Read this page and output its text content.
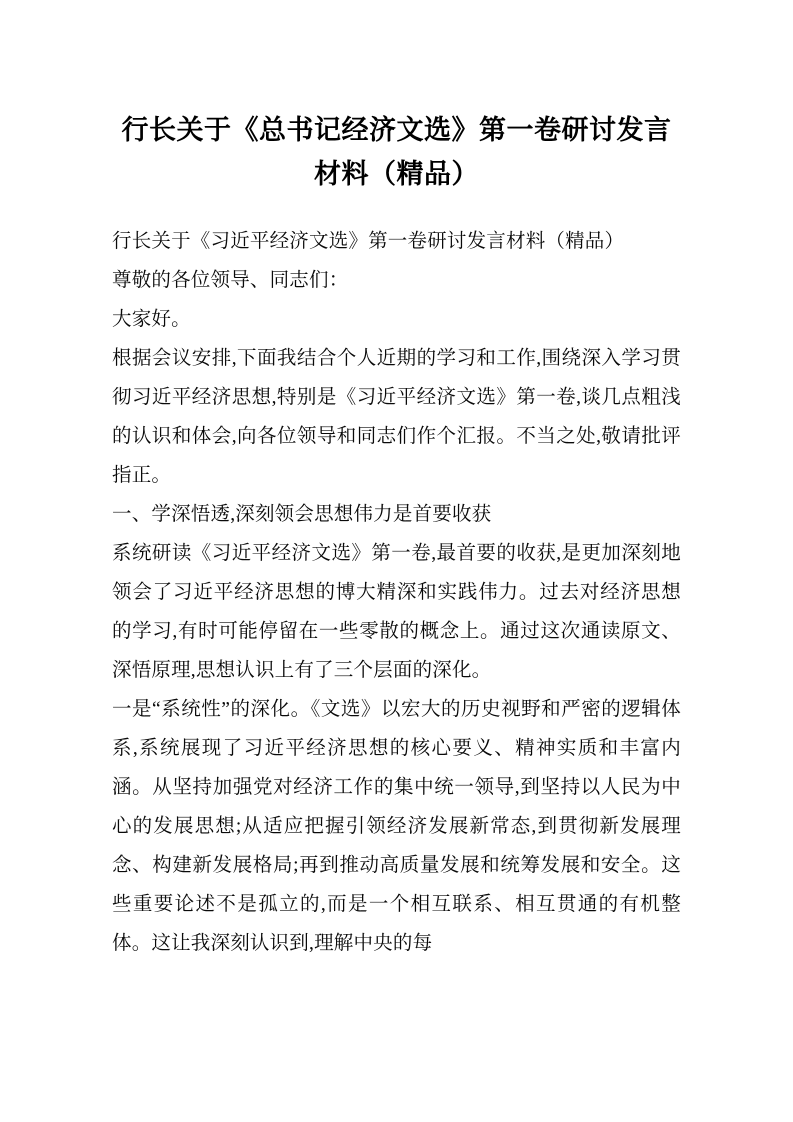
行长关于《总书记经济文选》第一卷研讨发言材料（精品）

行长关于《习近平经济文选》第一卷研讨发言材料（精品）

尊敬的各位领导、同志们：

大家好。

根据会议安排,下面我结合个人近期的学习和工作,围绕深入学习贯彻习近平经济思想,特别是《习近平经济文选》第一卷,谈几点粗浅的认识和体会,向各位领导和同志们作个汇报。不当之处,敬请批评指正。

一、学深悟透,深刻领会思想伟力是首要收获

系统研读《习近平经济文选》第一卷,最首要的收获,是更加深刻地领会了习近平经济思想的博大精深和实践伟力。过去对经济思想的学习,有时可能停留在一些零散的概念上。通过这次通读原文、深悟原理,思想认识上有了三个层面的深化。

一是“系统性”的深化。《文选》以宏大的历史视野和严密的逻辑体系,系统展现了习近平经济思想的核心要义、精神实质和丰富内涵。从坚持加强党对经济工作的集中统一领导,到坚持以人民为中心的发展思想;从适应把握引领经济发展新常态,到贯彻新发展理念、构建新发展格局;再到推动高质量发展和统筹发展和安全。这些重要论述不是孤立的,而是一个相互联系、相互贯通的有机整体。这让我深刻认识到,理解中央的每
